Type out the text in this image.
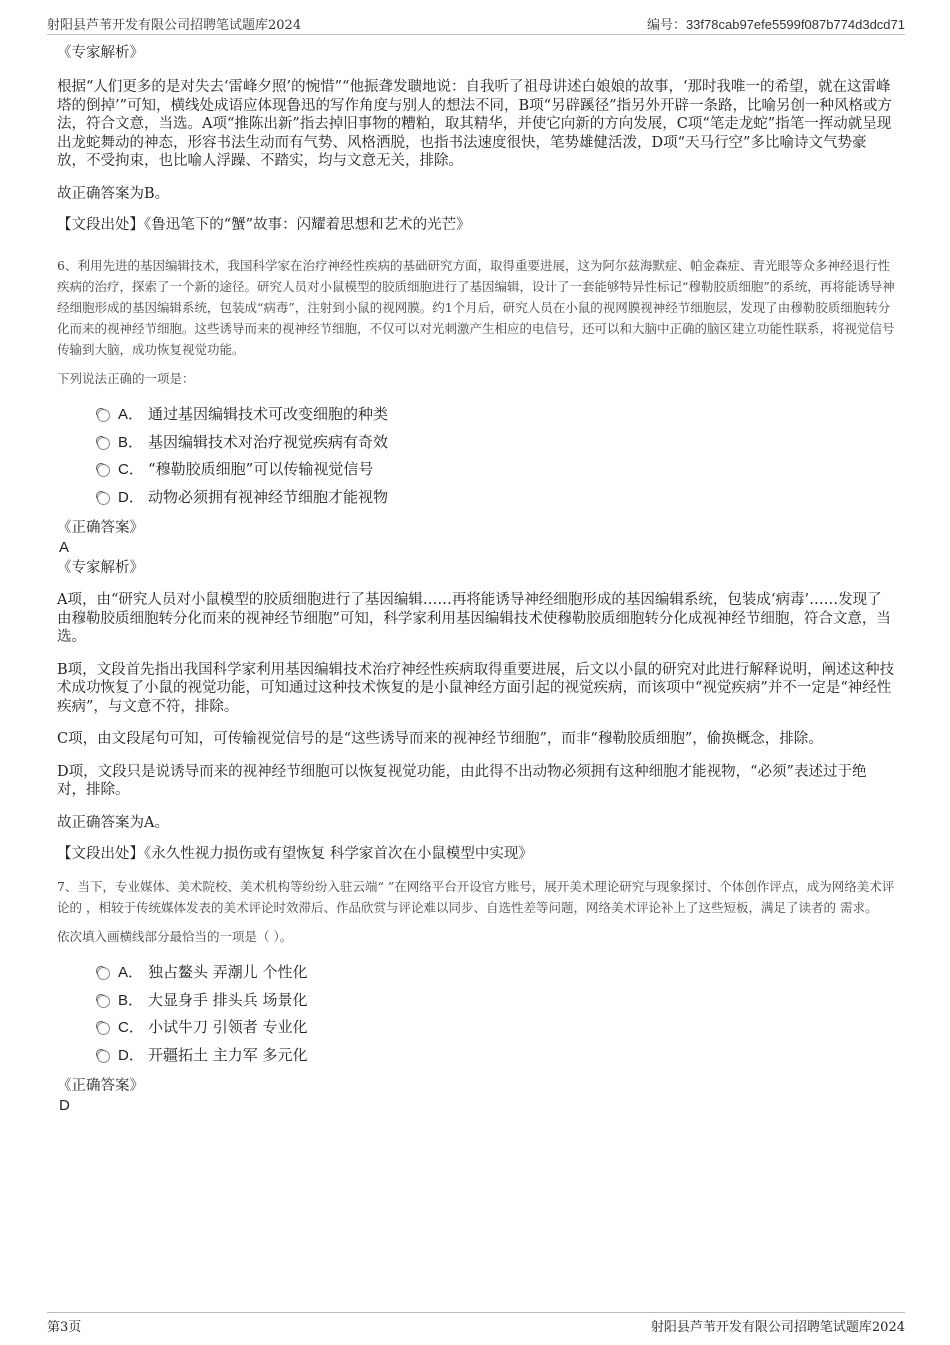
射阳县芦苇开发有限公司招聘笔试题库2024	编号：33f78cab97efe5599f087b774d3dcd71

《专家解析》

根据“人们更多的是对失去‘雷峰夕照’的惋惜”“他振聋发聩地说：自我听了祖母讲述白娘娘的故事，‘那时我唯一的希望，就在这雷峰塔的倒掉’”可知，横线处成语应体现鲁迅的写作角度与别人的想法不同，B项“另辟蹊径”指另外开辟一条路，比喻另创一种风格或方法，符合文意，当选。A项“推陈出新”指去掉旧事物的糟粕，取其精华，并使它向新的方向发展，C项“笔走龙蛇”指笔一挥动就呈现出龙蛇舞动的神态，形容书法生动而有气势、风格洒脱，也指书法速度很快，笔势雄健活泼，D项“天马行空”多比喻诗文气势豪放，不受拘束，也比喻人浮躁、不踏实，均与文意无关，排除。

故正确答案为B。

【文段出处】《鲁迅笔下的“蟹”故事：闪耀着思想和艺术的光芒》

6、利用先进的基因编辑技术，我国科学家在治疗神经性疾病的基础研究方面，取得重要进展，这为阿尔兹海默症、帕金森症、青光眼等众多神经退行性疾病的治疗，探索了一个新的途径。研究人员对小鼠模型的胶质细胞进行了基因编辑，设计了一套能够特异性标记“穆勒胶质细胞”的系统，再将能诱导神经细胞形成的基因编辑系统，包装成“病毒”，注射到小鼠的视网膜。约1个月后，研究人员在小鼠的视网膜视神经节细胞层，发现了由穆勒胶质细胞转分化而来的视神经节细胞。这些诱导而来的视神经节细胞，不仅可以对光刺激产生相应的电信号，还可以和大脑中正确的脑区建立功能性联系，将视觉信号传输到大脑，成功恢复视觉功能。

下列说法正确的一项是：

A． 通过基因编辑技术可改变细胞的种类
B． 基因编辑技术对治疗视觉疾病有奇效
C． “穆勒胶质细胞”可以传输视觉信号
D． 动物必须拥有视神经节细胞才能视物

《正确答案》

A

《专家解析》

A项，由“研究人员对小鼠模型的胶质细胞进行了基因编辑……再将能诱导神经细胞形成的基因编辑系统，包装成‘病毒’……发现了由穆勒胶质细胞转分化而来的视神经节细胞”可知，科学家利用基因编辑技术使穆勒胶质细胞转分化成视神经节细胞，符合文意，当选。

B项，文段首先指出我国科学家利用基因编辑技术治疗神经性疾病取得重要进展，后文以小鼠的研究对此进行解释说明，阐述这种技术成功恢复了小鼠的视觉功能，可知通过这种技术恢复的是小鼠神经方面引起的视觉疾病，而该项中“视觉疾病”并不一定是“神经性疾病”，与文意不符，排除。

C项，由文段尾句可知，可传输视觉信号的是“这些诱导而来的视神经节细胞”，而非“穆勒胶质细胞”，偷换概念，排除。

D项，文段只是说诱导而来的视神经节细胞可以恢复视觉功能，由此得不出动物必须拥有这种细胞才能视物，“必须”表述过于绝对，排除。

故正确答案为A。

【文段出处】《永久性视力损伤或有望恢复 科学家首次在小鼠模型中实现》

7、当下，专业媒体、美术院校、美术机构等纷纷入驻云端“ ”在网络平台开设官方账号，展开美术理论研究与现象探讨、个体创作评点，成为网络美术评论的 ，相较于传统媒体发表的美术评论时效滞后、作品欣赏与评论难以同步、自选性差等问题，网络美术评论补上了这些短板，满足了读者的 需求。

依次填入画横线部分最恰当的一项是（ ）。

A． 独占鳌头 弄潮儿 个性化
B． 大显身手 排头兵 场景化
C． 小试牛刀 引领者 专业化
D． 开疆拓土 主力军 多元化

《正确答案》

D

第3页	射阳县芦苇开发有限公司招聘笔试题库2024
